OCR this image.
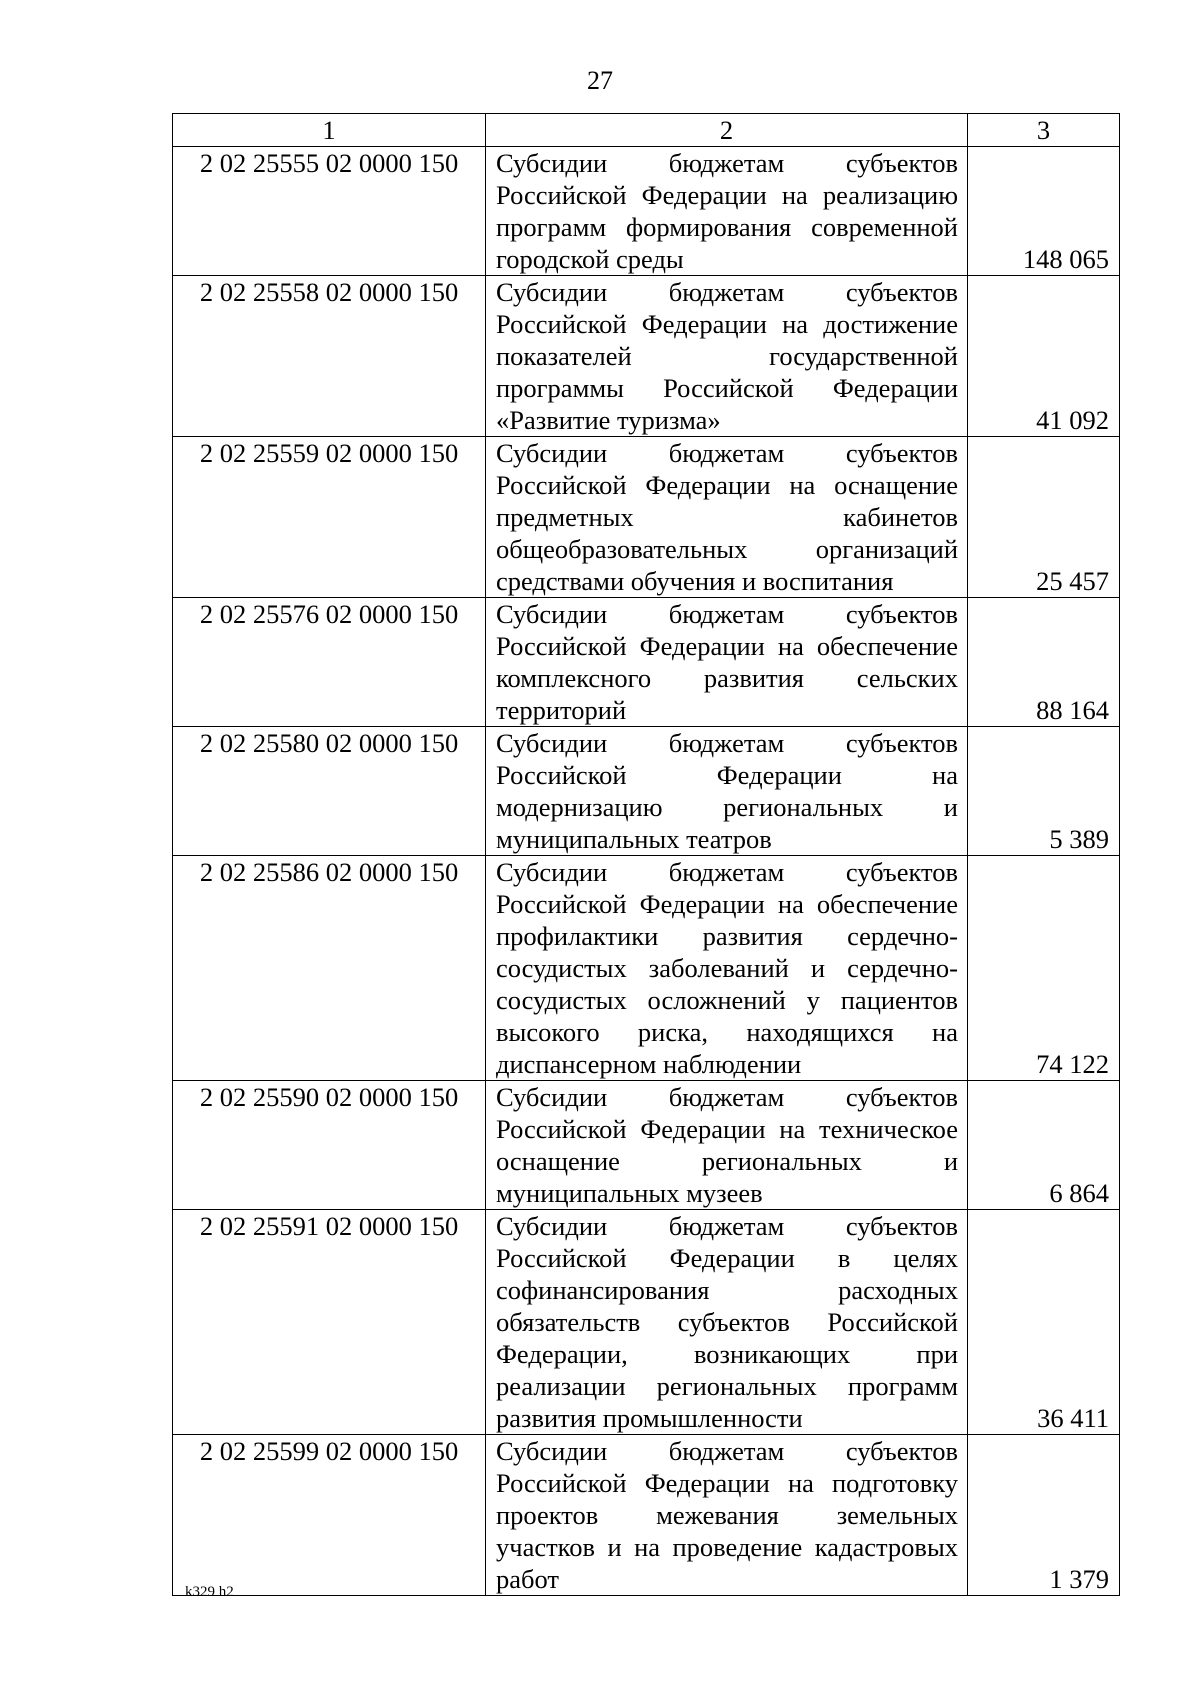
27
1	2	3
2 02 25555 02 0000 150	Субсидии бюджетам субъектов Российской Федерации на реализацию программ формирования современной городской среды	148 065
2 02 25558 02 0000 150	Субсидии бюджетам субъектов Российской Федерации на достижение показателей государственной программы Российской Федерации «Развитие туризма»	41 092
2 02 25559 02 0000 150	Субсидии бюджетам субъектов Российской Федерации на оснащение предметных кабинетов общеобразовательных организаций средствами обучения и воспитания	25 457
2 02 25576 02 0000 150	Субсидии бюджетам субъектов Российской Федерации на обеспечение комплексного развития сельских территорий	88 164
2 02 25580 02 0000 150	Субсидии бюджетам субъектов Российской Федерации на модернизацию региональных и муниципальных театров	5 389
2 02 25586 02 0000 150	Субсидии бюджетам субъектов Российской Федерации на обеспечение профилактики развития сердечно-сосудистых заболеваний и сердечно-сосудистых осложнений у пациентов высокого риска, находящихся на диспансерном наблюдении	74 122
2 02 25590 02 0000 150	Субсидии бюджетам субъектов Российской Федерации на техническое оснащение региональных и муниципальных музеев	6 864
2 02 25591 02 0000 150	Субсидии бюджетам субъектов Российской Федерации в целях софинансирования расходных обязательств субъектов Российской Федерации, возникающих при реализации региональных программ развития промышленности	36 411
2 02 25599 02 0000 150	Субсидии бюджетам субъектов Российской Федерации на подготовку проектов межевания земельных участков и на проведение кадастровых работ	1 379
k329 h2
